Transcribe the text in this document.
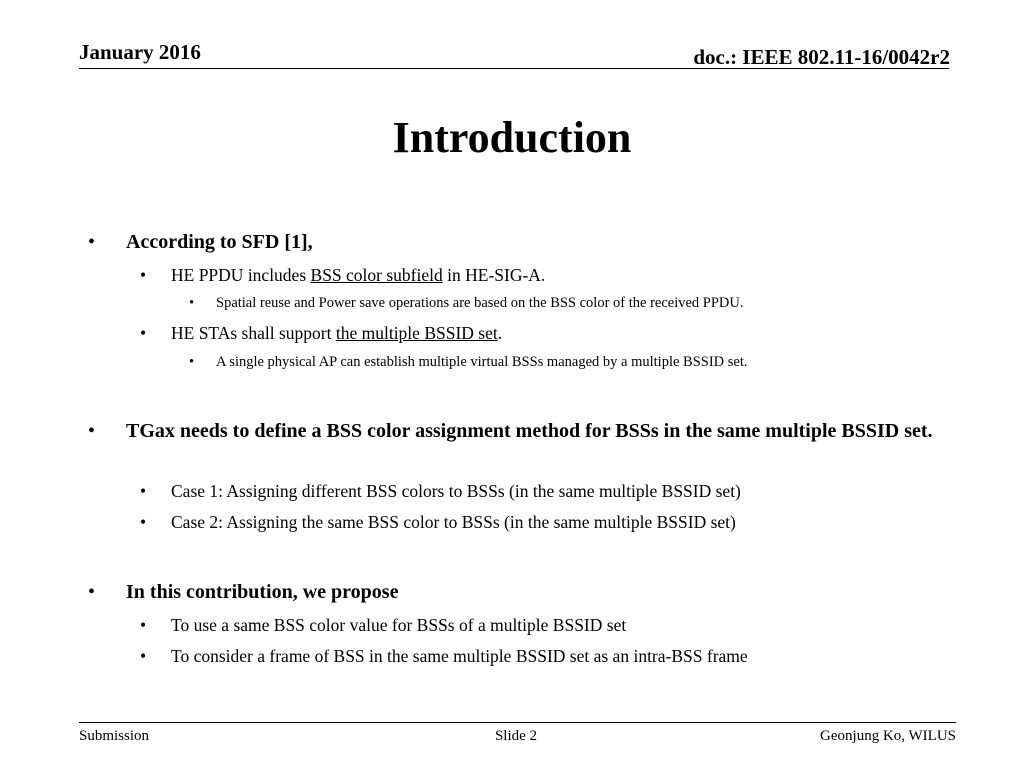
January 2016	doc.: IEEE 802.11-16/0042r2
Introduction
• According to SFD [1],
• HE PPDU includes BSS color subfield in HE-SIG-A.
• Spatial reuse and Power save operations are based on the BSS color of the received PPDU.
• HE STAs shall support the multiple BSSID set.
• A single physical AP can establish multiple virtual BSSs managed by a multiple BSSID set.
• TGax needs to define a BSS color assignment method for BSSs in the same multiple BSSID set.
• Case 1: Assigning different BSS colors to BSSs (in the same multiple BSSID set)
• Case 2: Assigning the same BSS color to BSSs (in the same multiple BSSID set)
• In this contribution, we propose
• To use a same BSS color value for BSSs of a multiple BSSID set
• To consider a frame of BSS in the same multiple BSSID set as an intra-BSS frame
Submission	Slide 2	Geonjung Ko, WILUS
